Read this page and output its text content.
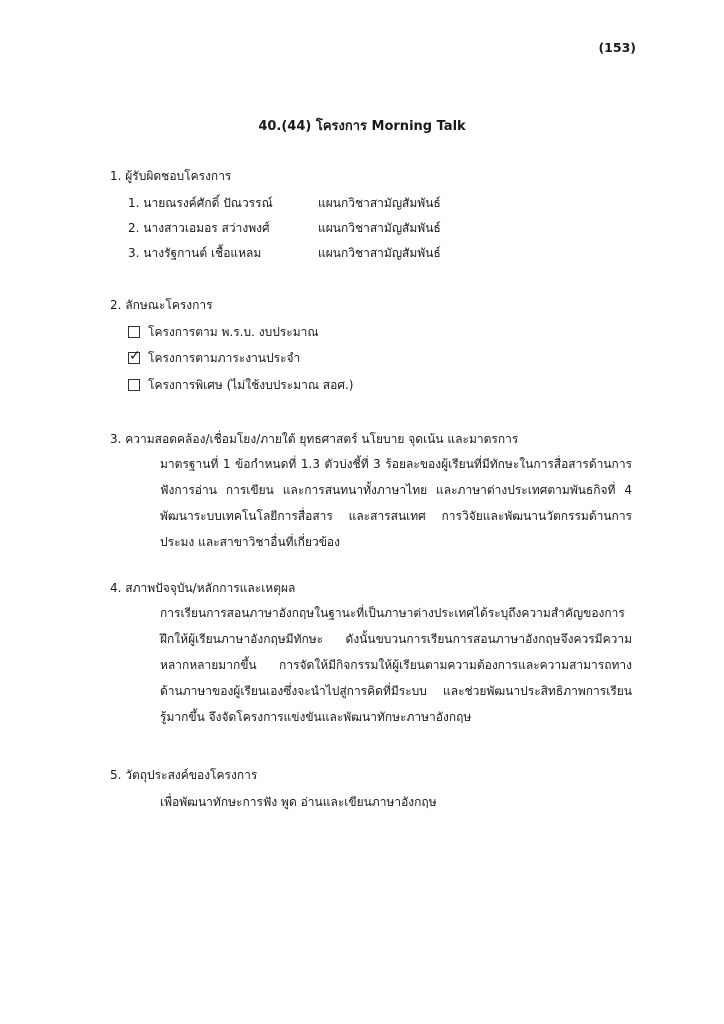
(153)
40.(44) โครงการ Morning Talk
1. ผู้รับผิดชอบโครงการ
1. นายณรงค์ศักดิ์ ปัณวรรณ์	แผนกวิชาสามัญสัมพันธ์
2. นางสาวเอมอร สว่างพงศ์	แผนกวิชาสามัญสัมพันธ์
3. นางรัฐกานต์ เชื้อแหลม	แผนกวิชาสามัญสัมพันธ์
2. ลักษณะโครงการ
โครงการตาม พ.ร.บ. งบประมาณ
✓โครงการตามภาระงานประจำ
โครงการพิเศษ (ไม่ใช้งบประมาณ สอศ.)
3. ความสอดคล้อง/เชื่อมโยง/ภายใต้ ยุทธศาสตร์ นโยบาย จุดเน้น และมาตรการ
มาตรฐานที่ 1 ข้อกำหนดที่ 1.3 ตัวบ่งชี้ที่ 3 ร้อยละของผู้เรียนที่มีทักษะในการสื่อสารด้านการฟังการอ่าน การเขียน และการสนทนาทั้งภาษาไทย และภาษาต่างประเทศตามพันธกิจที่ 4 พัฒนาระบบเทคโนโลยีการสื่อสาร และสารสนเทศ การวิจัยและพัฒนานวัตกรรมด้านการประมง และสาขาวิชาอื่นที่เกี่ยวข้อง
4. สภาพปัจจุบัน/หลักการและเหตุผล
การเรียนการสอนภาษาอังกฤษในฐานะที่เป็นภาษาต่างประเทศได้ระบุถึงความสำคัญของการฝึกให้ผู้เรียนภาษาอังกฤษมีทักษะ ดังนั้นขบวนการเรียนการสอนภาษาอังกฤษจึงควรมีความหลากหลายมากขึ้น การจัดให้มีกิจกรรมให้ผู้เรียนตามความต้องการและความสามารถทางด้านภาษาของผู้เรียนเองซึ่งจะนำไปสู่การคิดที่มีระบบ และช่วยพัฒนาประสิทธิภาพการเรียนรู้มากขึ้น จึงจัดโครงการแข่งขันและพัฒนาทักษะภาษาอังกฤษ
5. วัตถุประสงค์ของโครงการ
เพื่อพัฒนาทักษะการฟัง พูด อ่านและเขียนภาษาอังกฤษ
